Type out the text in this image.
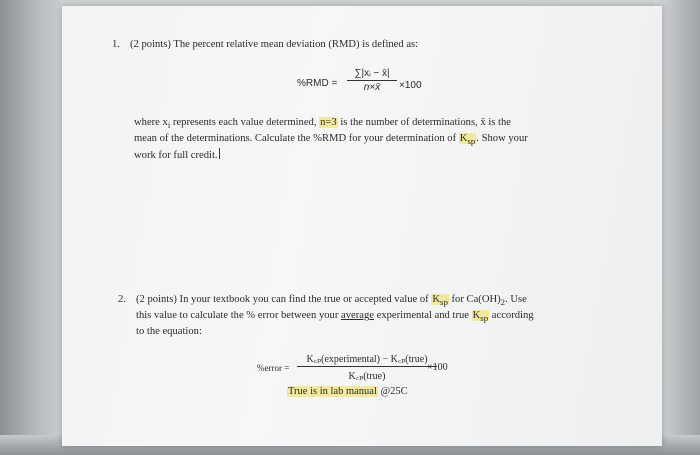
1. (2 points) The percent relative mean deviation (RMD) is defined as:
$\%RMD = \frac{\text{∑|xᵢ − x̄|}}{n\times x̄} \times 100$
where $x_i$ represents each value determined, n=3 is the number of determinations, x̄ is the
mean of the determinations. Calculate the %RMD for your determination of $K_{sp}$. Show your
work for full credit.
2. (2 points) In your textbook you can find the true or accepted value of $K_{sp}$ for $Ca(OH)_2$. Use
this value to calculate the % error between your average experimental and true $K_{sp}$ according
to the equation:
%error =
K꜀ₚ(experimental) − K꜀ₚ(true)
K꜀ₚ(true)
×100
True is in lab manual @25C
